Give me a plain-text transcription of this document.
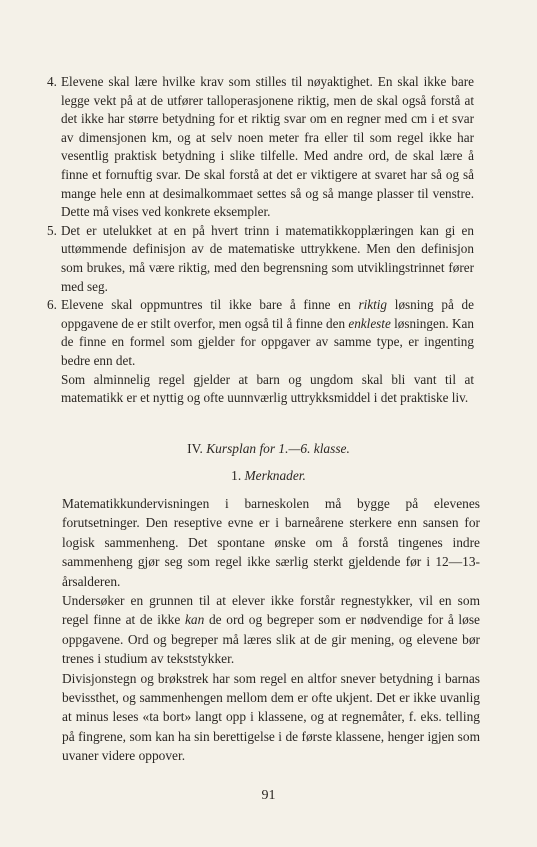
4. Elevene skal lære hvilke krav som stilles til nøyaktighet. En skal ikke bare legge vekt på at de utfører talloperasjonene riktig, men de skal også forstå at det ikke har større betydning for et riktig svar om en regner med cm i et svar av dimensjonen km, og at selv noen meter fra eller til som regel ikke har vesentlig praktisk betydning i slike tilfelle. Med andre ord, de skal lære å finne et fornuftig svar. De skal forstå at det er viktigere at svaret har så og så mange hele enn at desimalkommaet settes så og så mange plasser til venstre. Dette må vises ved konkrete eksempler.

5. Det er utelukket at en på hvert trinn i matematikkopplæringen kan gi en uttømmende definisjon av de matematiske uttrykkene. Men den definisjon som brukes, må være riktig, med den begrensning som utviklingstrinnet fører med seg.

6. Elevene skal oppmuntres til ikke bare å finne en riktig løsning på de oppgavene de er stilt overfor, men også til å finne den enkleste løsningen. Kan de finne en formel som gjelder for oppgaver av samme type, er ingenting bedre enn det.

Som alminnelig regel gjelder at barn og ungdom skal bli vant til at matematikk er et nyttig og ofte uunnværlig uttrykksmiddel i det praktiske liv.

IV. Kursplan for 1.—6. klasse.
1. Merknader.

Matematikkundervisningen i barneskolen må bygge på elevenes forutsetninger. Den reseptive evne er i barneårene sterkere enn sansen for logisk sammenheng. Det spontane ønske om å forstå tingenes indre sammenheng gjør seg som regel ikke særlig sterkt gjeldende før i 12—13-årsalderen.

Undersøker en grunnen til at elever ikke forstår regnestykker, vil en som regel finne at de ikke kan de ord og begreper som er nødvendige for å løse oppgavene. Ord og begreper må læres slik at de gir mening, og elevene bør trenes i studium av tekststykker.

Divisjonstegn og brøkstrek har som regel en altfor snever betydning i barnas bevissthet, og sammenhengen mellom dem er ofte ukjent. Det er ikke uvanlig at minus leses «ta bort» langt opp i klassene, og at regnemåter, f. eks. telling på fingrene, som kan ha sin berettigelse i de første klassene, henger igjen som uvaner videre oppover.

91
